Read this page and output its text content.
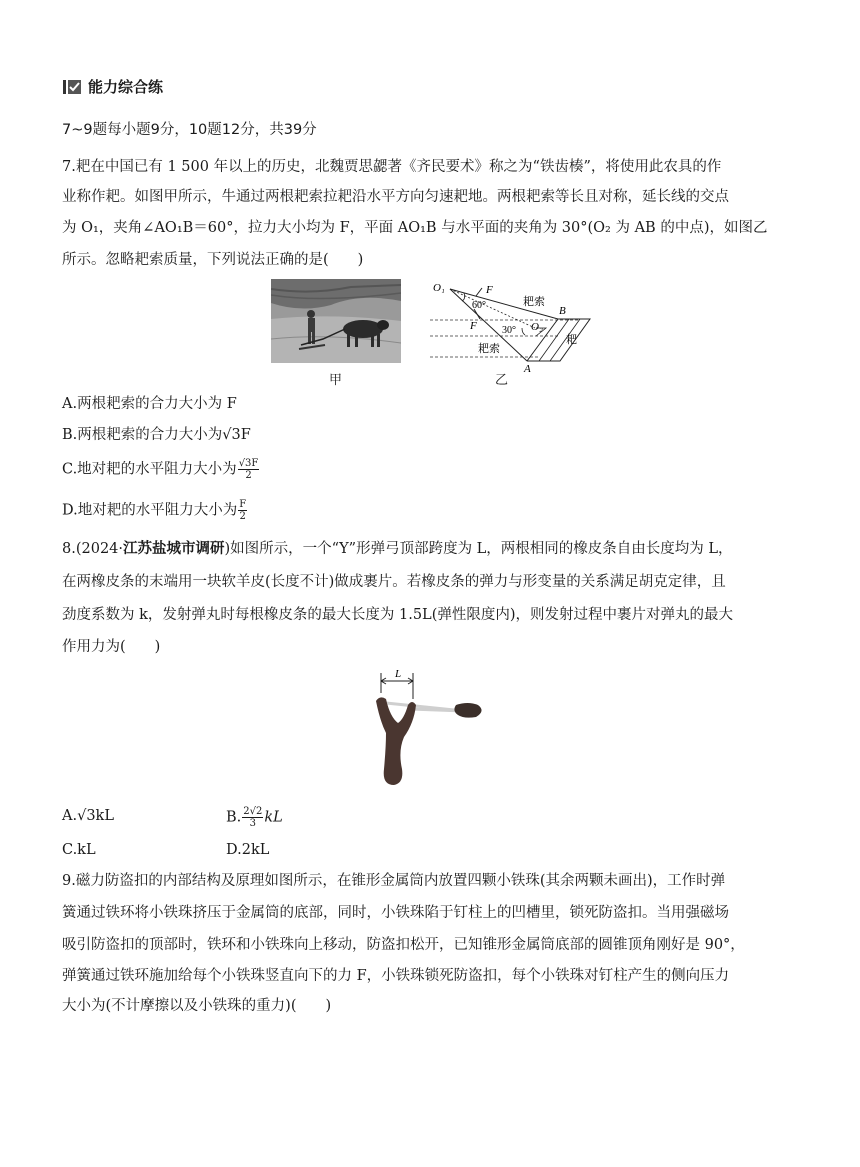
能力综合练
7~9题每小题9分，10题12分，共39分
7.耙在中国已有 1 500 年以上的历史，北魏贾思勰著《齐民要术》称之为“铁齿楱”，将使用此农具的作
业称作耙。如图甲所示，牛通过两根耙索拉耙沿水平方向匀速耙地。两根耙索等长且对称，延长线的交点
为 O₁，夹角∠AO₁B＝60°，拉力大小均为 F，平面 AO₁B 与水平面的夹角为 30°(O₂ 为 AB 的中点)，如图乙
所示。忽略耙索质量，下列说法正确的是(　　)
甲
O₁	F
60°	耙索
B
F	30° O₂
耙索
耙
A
乙
A.两根耙索的合力大小为 F
B.两根耙索的合力大小为√3F
C.地对耙的水平阻力大小为 $\frac{√3F}{2}$
D.地对耙的水平阻力大小为 $\frac{F}{2}$
8.(2024·江苏盐城市调研)如图所示，一个“Y”形弹弓顶部跨度为 L，两根相同的橡皮条自由长度均为 L，
在两橡皮条的末端用一块软羊皮(长度不计)做成裹片。若橡皮条的弹力与形变量的关系满足胡克定律，且
劲度系数为 k，发射弹丸时每根橡皮条的最大长度为 1.5L(弹性限度内)，则发射过程中裹片对弹丸的最大
作用力为(　　)
L
A.√3kL	B. $\frac{2√2}{3}$ kL
C.kL	D.2kL
9.磁力防盗扣的内部结构及原理如图所示，在锥形金属筒内放置四颗小铁珠(其余两颗未画出)，工作时弹
簧通过铁环将小铁珠挤压于金属筒的底部，同时，小铁珠陷于钉柱上的凹槽里，锁死防盗扣。当用强磁场
吸引防盗扣的顶部时，铁环和小铁珠向上移动，防盗扣松开，已知锥形金属筒底部的圆锥顶角刚好是 90°，
弹簧通过铁环施加给每个小铁珠竖直向下的力 F，小铁珠锁死防盗扣，每个小铁珠对钉柱产生的侧向压力
大小为(不计摩擦以及小铁珠的重力)(　　)
